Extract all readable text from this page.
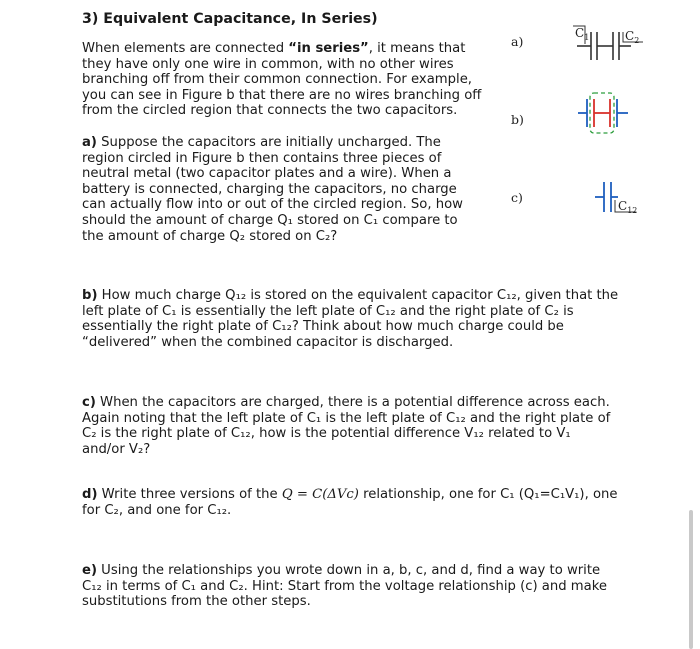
3) Equivalent Capacitance, In Series)

When elements are connected “in series”, it means that they have only one wire in common, with no other wires branching off from their common connection. For example, you can see in Figure b that there are no wires branching off from the circled region that connects the two capacitors.

a) Suppose the capacitors are initially uncharged. The region circled in Figure b then contains three pieces of neutral metal (two capacitor plates and a wire). When a battery is connected, charging the capacitors, no charge can actually flow into or out of the circled region. So, how should the amount of charge Q₁ stored on C₁ compare to the amount of charge Q₂ stored on C₂?

b) How much charge Q₁₂ is stored on the equivalent capacitor C₁₂, given that the left plate of C₁ is essentially the left plate of C₁₂ and the right plate of C₂ is essentially the right plate of C₁₂? Think about how much charge could be “delivered” when the combined capacitor is discharged.

c) When the capacitors are charged, there is a potential difference across each. Again noting that the left plate of C₁ is the left plate of C₁₂ and the right plate of C₂ is the right plate of C₁₂, how is the potential difference V₁₂ related to V₁ and/or V₂?

d) Write three versions of the Q = C(ΔVᴄ) relationship, one for C₁ (Q₁=C₁V₁), one for C₂, and one for C₁₂.

e) Using the relationships you wrote down in a, b, c, and d, find a way to write C₁₂ in terms of C₁ and C₂. Hint: Start from the voltage relationship (c) and make substitutions from the other steps.

a)
b)
c)
$C_1$	$C_2$
$C_{12}$
